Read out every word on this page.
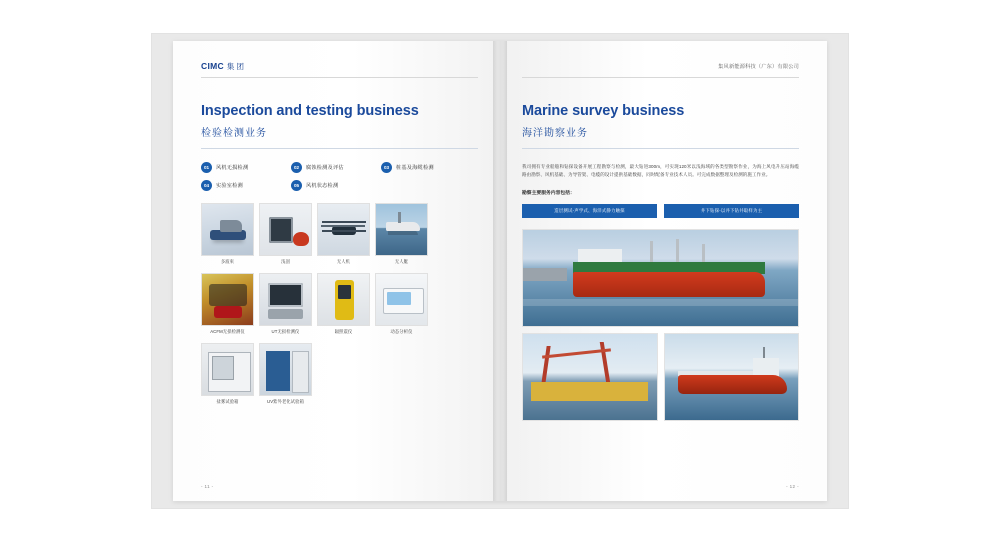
CIMC 集 团
Inspection and testing business
检验检测业务
01	风机无损检测	02	腐蚀检测及评估	03	桩基及海缆检测
04	实验室检测	05	风机状态检测
多波束	浅剖	无人机	无人艇
ACFM无损检测仪	UT无损检测仪	辐照震仪	动态分析仪
盐雾试验箱	UV紫外老化试验箱
- 11 -
集风新能源科技（广东）有限公司
Marine survey business
海洋勘察业务
我司拥有专业船舶和钻探设备开展工程勘察与检测，最大钻进300m，可实现120米以浅海域的各类型勘察作业，为海上风电升压站海缆路由勘察、风机基础、为导管架、电缆的设计提供基础数据，同时配备专业技术人员。可完成数据整理及检测的施工作业。
勘察主要服务内容包括：
造层测试-声学式、海洋式静力触探	井下钻探-以井下钻井取样为主
- 12 -
